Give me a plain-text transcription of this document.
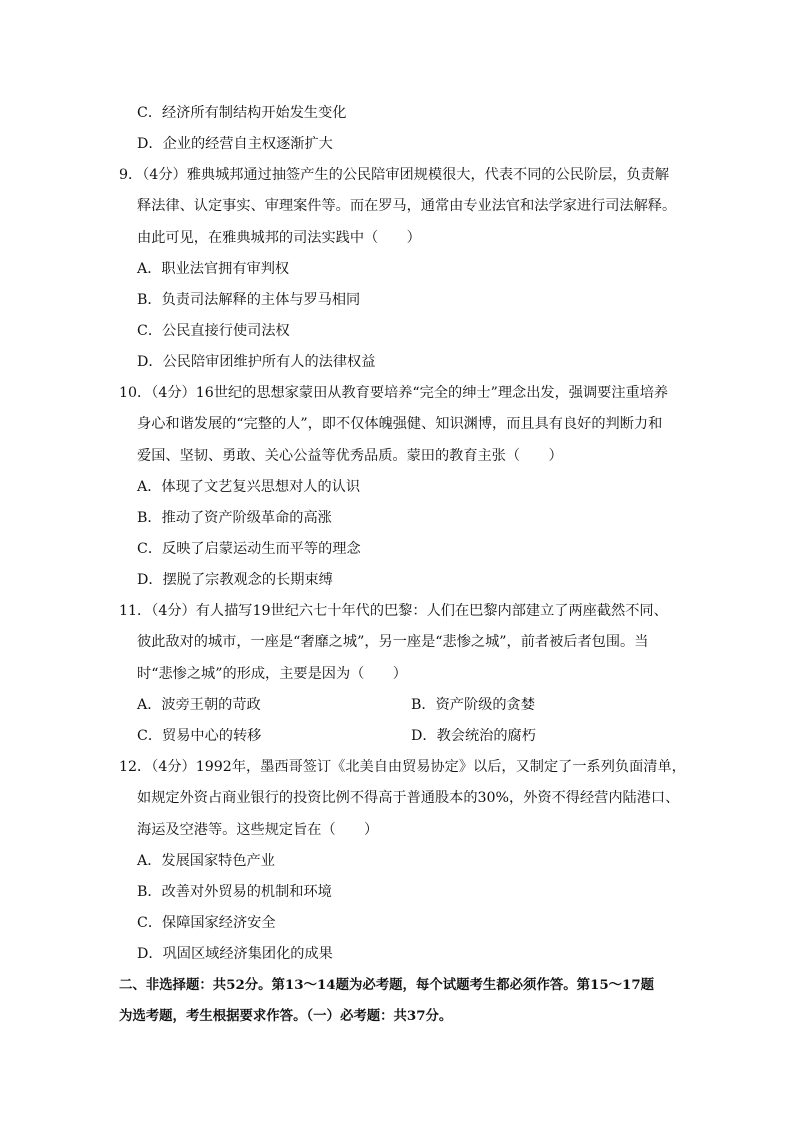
C．经济所有制结构开始发生变化
D．企业的经营自主权逐渐扩大
9．（4分）雅典城邦通过抽签产生的公民陪审团规模很大，代表不同的公民阶层，负责解
释法律、认定事实、审理案件等。而在罗马，通常由专业法官和法学家进行司法解释。
由此可见，在雅典城邦的司法实践中（　　）
A．职业法官拥有审判权
B．负责司法解释的主体与罗马相同
C．公民直接行使司法权
D．公民陪审团维护所有人的法律权益
10．（4分）16世纪的思想家蒙田从教育要培养“完全的绅士”理念出发，强调要注重培养
身心和谐发展的“完整的人”，即不仅体魄强健、知识渊博，而且具有良好的判断力和
爱国、坚韧、勇敢、关心公益等优秀品质。蒙田的教育主张（　　）
A．体现了文艺复兴思想对人的认识
B．推动了资产阶级革命的高涨
C．反映了启蒙运动生而平等的理念
D．摆脱了宗教观念的长期束缚
11．（4分）有人描写19世纪六七十年代的巴黎：人们在巴黎内部建立了两座截然不同、
彼此敌对的城市，一座是“奢靡之城”，另一座是“悲惨之城”，前者被后者包围。当
时“悲惨之城”的形成，主要是因为（　　）
A．波旁王朝的苛政	B．资产阶级的贪婪
C．贸易中心的转移	D．教会统治的腐朽
12．（4分）1992年，墨西哥签订《北美自由贸易协定》以后，又制定了一系列负面清单，
如规定外资占商业银行的投资比例不得高于普通股本的30%，外资不得经营内陆港口、
海运及空港等。这些规定旨在（　　）
A．发展国家特色产业
B．改善对外贸易的机制和环境
C．保障国家经济安全
D．巩固区域经济集团化的成果
二、非选择题：共52分。第13～14题为必考题，每个试题考生都必须作答。第15～17题
为选考题，考生根据要求作答。（一）必考题：共37分。
